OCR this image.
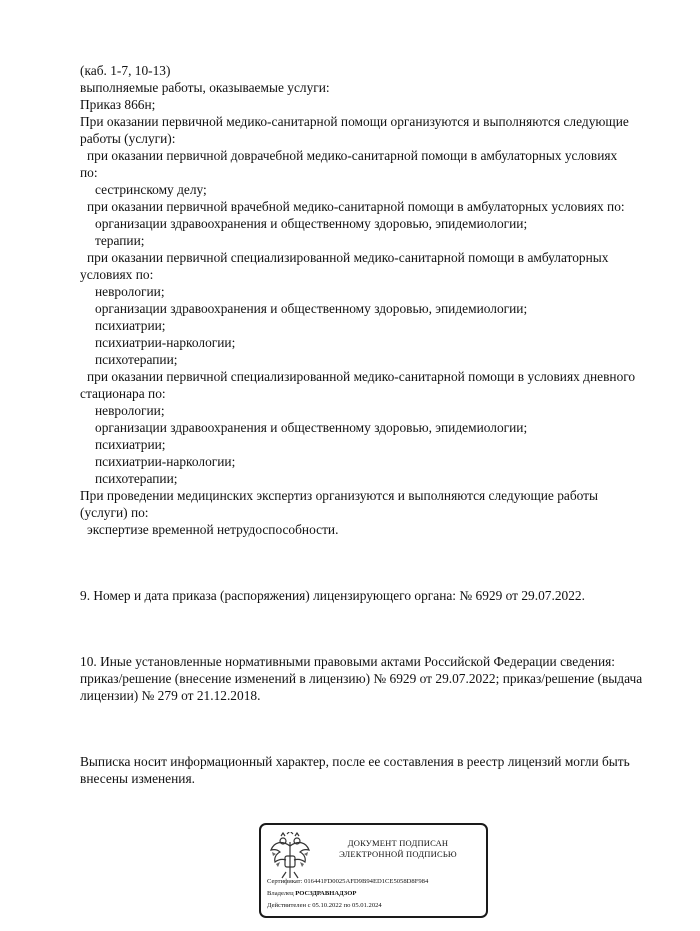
(каб. 1-7, 10-13)

выполняемые работы, оказываемые услуги:

Приказ 866н;

При оказании первичной медико-санитарной помощи организуются и выполняются следующие

работы (услуги):

при оказании первичной доврачебной медико-санитарной помощи в амбулаторных условиях

по:

сестринскому делу;

при оказании первичной врачебной медико-санитарной помощи в амбулаторных условиях по:

организации здравоохранения и общественному здоровью, эпидемиологии;

терапии;

при оказании первичной специализированной медико-санитарной помощи в амбулаторных

условиях по:

неврологии;

организации здравоохранения и общественному здоровью, эпидемиологии;

психиатрии;

психиатрии-наркологии;

психотерапии;

при оказании первичной специализированной медико-санитарной помощи в условиях дневного

стационара по:

неврологии;

организации здравоохранения и общественному здоровью, эпидемиологии;

психиатрии;

психиатрии-наркологии;

психотерапии;

При проведении медицинских экспертиз организуются и выполняются следующие работы

(услуги) по:

экспертизе временной нетрудоспособности.

9. Номер и дата приказа (распоряжения) лицензирующего органа: № 6929 от 29.07.2022.

10. Иные установленные нормативными правовыми актами Российской Федерации сведения:

приказ/решение (внесение изменений в лицензию) № 6929 от 29.07.2022; приказ/решение (выдача

лицензии) № 279 от 21.12.2018.

Выписка носит информационный характер, после ее составления в реестр лицензий могли быть

внесены изменения.

ДОКУМЕНТ ПОДПИСАН
ЭЛЕКТРОННОЙ ПОДПИСЬЮ
Сертификат: 016441FD0025AFD9B94ED1CE5058D8F984
Владелец РОСЗДРАВНАДЗОР
Действителен с 05.10.2022 по 05.01.2024
